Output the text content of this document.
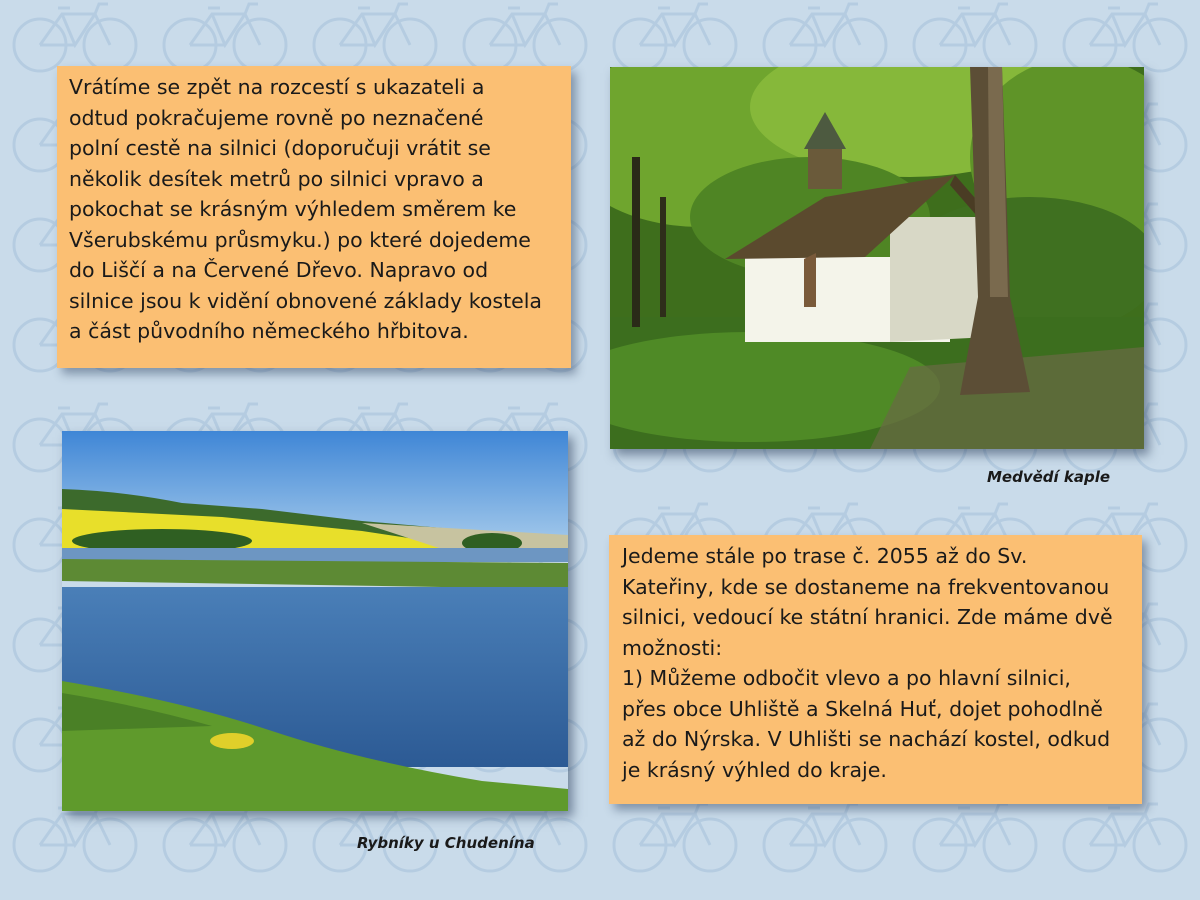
Vrátíme se zpět na rozcestí s ukazateli a
odtud pokračujeme rovně po neznačené
polní cestě na silnici (doporučuji vrátit se
několik desítek metrů po silnici vpravo a
pokochat se krásným výhledem směrem ke
Všerubskému průsmyku.) po které dojedeme
do Liščí a na Červené Dřevo. Napravo od
silnice jsou k vidění obnovené základy kostela
a část původního německého hřbitova.
Medvědí kaple
Rybníky u Chudenína
Jedeme stále po trase č. 2055 až do Sv.
Kateřiny, kde se dostaneme na frekventovanou
silnici, vedoucí ke státní hranici. Zde máme dvě
možnosti:
1) Můžeme odbočit vlevo a po hlavní silnici,
přes obce Uhliště a Skelná Huť, dojet pohodlně
až do Nýrska. V Uhlišti se nachází kostel, odkud
je krásný výhled do kraje.
